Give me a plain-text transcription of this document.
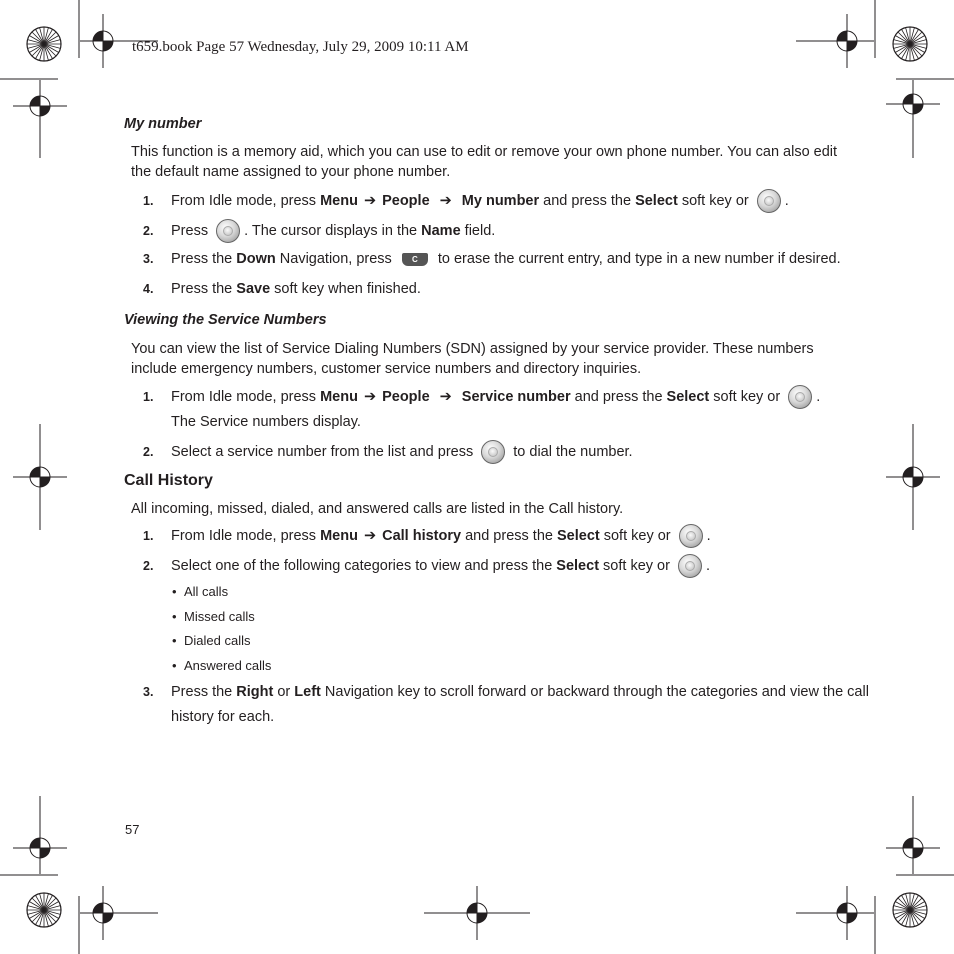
t659.book Page 57 Wednesday, July 29, 2009 10:11 AM
My number
This function is a memory aid, which you can use to edit or remove your own phone number. You can also edit the default name assigned to your phone number.
1.	From Idle mode, press Menu ➔ People ➔ My number and press the Select soft key or .
2.	Press . The cursor displays in the Name field.
3.	Press the Down Navigation, press	C	to erase the current entry, and type in a new number if desired.
4.	Press the Save soft key when finished.
Viewing the Service Numbers
You can view the list of Service Dialing Numbers (SDN) assigned by your service provider. These numbers include emergency numbers, customer service numbers and directory inquiries.
1.	From Idle mode, press Menu ➔ People ➔ Service number and press the Select soft key or .
The Service numbers display.
2.	Select a service number from the list and press to dial the number.
Call History
All incoming, missed, dialed, and answered calls are listed in the Call history.
1.	From Idle mode, press Menu ➔ Call history and press the Select soft key or .
2.	Select one of the following categories to view and press the Select soft key or .
• All calls
• Missed calls
• Dialed calls
• Answered calls
3.	Press the Right or Left Navigation key to scroll forward or backward through the categories and view the call
history for each.
57
